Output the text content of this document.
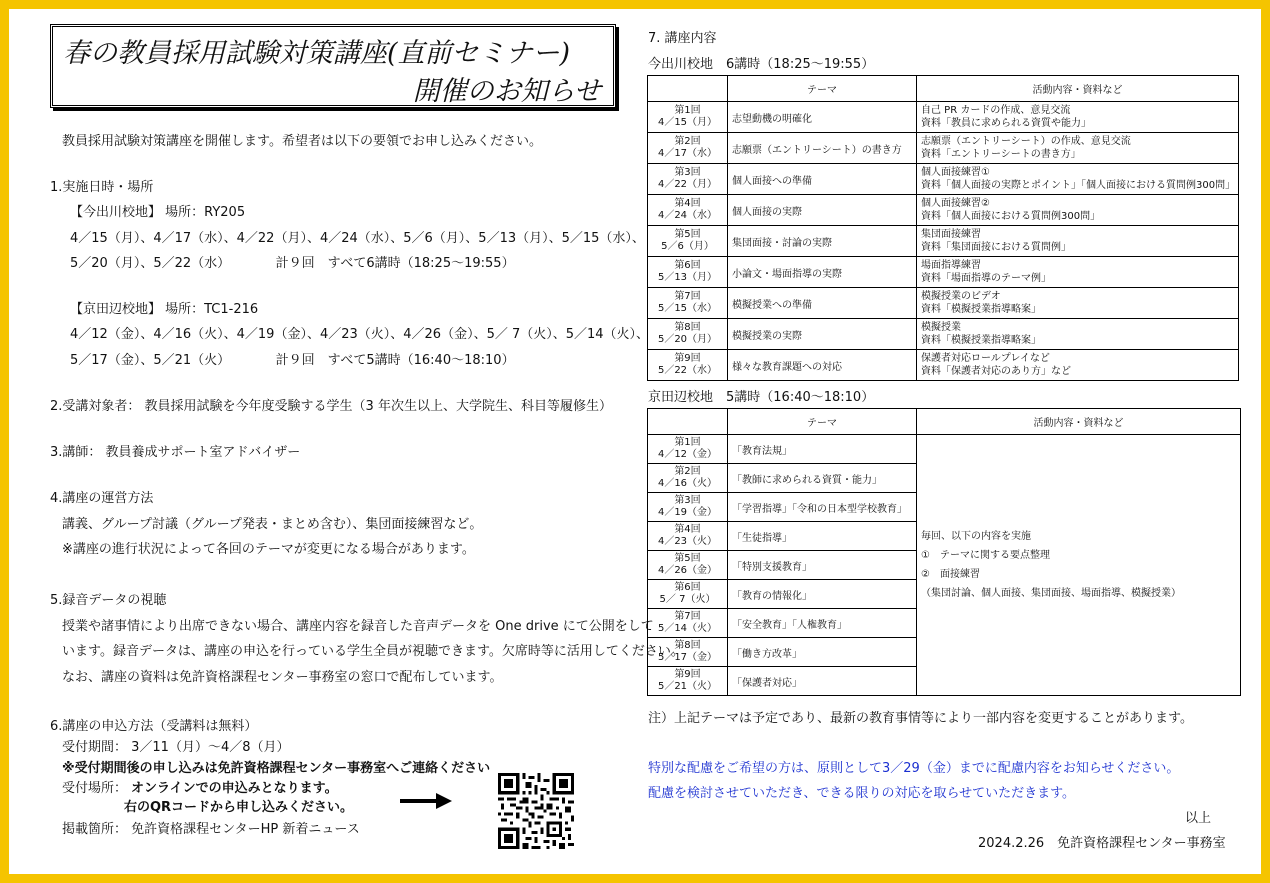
春の教員採用試験対策講座(直前セミナー)
開催のお知らせ
教員採用試験対策講座を開催します。希望者は以下の要領でお申し込みください。
1.実施日時・場所
【今出川校地】 場所：RY205
4／15（月）、4／17（水）、4／22（月）、4／24（水）、5／6（月）、5／13（月）、5／15（水）、
5／20（月）、5／22（水）　　　　計９回　すべて6講時（18:25～19:55）
【京田辺校地】 場所：TC1-216
4／12（金）、4／16（火）、4／19（金）、4／23（火）、4／26（金）、5／ 7（火）、5／14（火）、
5／17（金）、5／21（火）　　　　計９回　すべて5講時（16:40～18:10）
2.受講対象者： 教員採用試験を今年度受験する学生（3 年次生以上、大学院生、科目等履修生）
3.講師： 教員養成サポート室アドバイザー
4.講座の運営方法
講義、グループ討議（グループ発表・まとめ含む）、集団面接練習など。
※講座の進行状況によって各回のテーマが変更になる場合があります。
5.録音データの視聴
授業や諸事情により出席できない場合、講座内容を録音した音声データを One drive にて公開をして
います。録音データは、講座の申込を行っている学生全員が視聴できます。欠席時等に活用してください。
なお、講座の資料は免許資格課程センター事務室の窓口で配布しています。
6.講座の申込方法（受講料は無料）
受付期間： 3／11（月）～4／8（月）
※受付期間後の申し込みは免許資格課程センター事務室へご連絡ください
受付場所： オンラインでの申込みとなります。
右のQRコードから申し込みください。
掲載箇所： 免許資格課程センターHP 新着ニュース
7. 講座内容
今出川校地　6講時（18:25～19:55）
	テーマ	活動内容・資料など
第1回
4／15（月）	志望動機の明確化	自己 PR カードの作成、意見交流
資料「教員に求められる資質や能力」
第2回
4／17（水）	志願票（エントリーシート）の書き方	志願票（エントリーシート）の作成、意見交流
資料「エントリーシートの書き方」
第3回
4／22（月）	個人面接への準備	個人面接練習①
資料「個人面接の実際とポイント」「個人面接における質問例300問」
第4回
4／24（水）	個人面接の実際	個人面接練習②
資料「個人面接における質問例300問」
第5回
5／6（月）	集団面接・討論の実際	集団面接練習
資料「集団面接における質問例」
第6回
5／13（月）	小論文・場面指導の実際	場面指導練習
資料「場面指導のテーマ例」
第7回
5／15（水）	模擬授業への準備	模擬授業のビデオ
資料「模擬授業指導略案」
第8回
5／20（月）	模擬授業の実際	模擬授業
資料「模擬授業指導略案」
第9回
5／22（水）	様々な教育課題への対応	保護者対応ロールプレイなど
資料「保護者対応のあり方」など
京田辺校地　5講時（16:40～18:10）
	テーマ	活動内容・資料など
第1回
4／12（金）	「教育法規」	毎回、以下の内容を実施
①　テーマに関する要点整理
②　面接練習
（集団討論、個人面接、集団面接、場面指導、模擬授業）

第2回
4／16（火）	「教師に求められる資質・能力」	
第3回
4／19（金）	「学習指導」「令和の日本型学校教育」	
第4回
4／23（火）	「生徒指導」	
第5回
4／26（金）	「特別支援教育」	
第6回
5／ 7（火）	「教育の情報化」	
第7回
5／14（火）	「安全教育」「人権教育」	
第8回
5／17（金）	「働き方改革」	
第9回
5／21（火）	「保護者対応」	
注）上記テーマは予定であり、最新の教育事情等により一部内容を変更することがあります。
特別な配慮をご希望の方は、原則として3／29（金）までに配慮内容をお知らせください。
配慮を検討させていただき、できる限りの対応を取らせていただきます。
以上
2024.2.26　免許資格課程センター事務室
